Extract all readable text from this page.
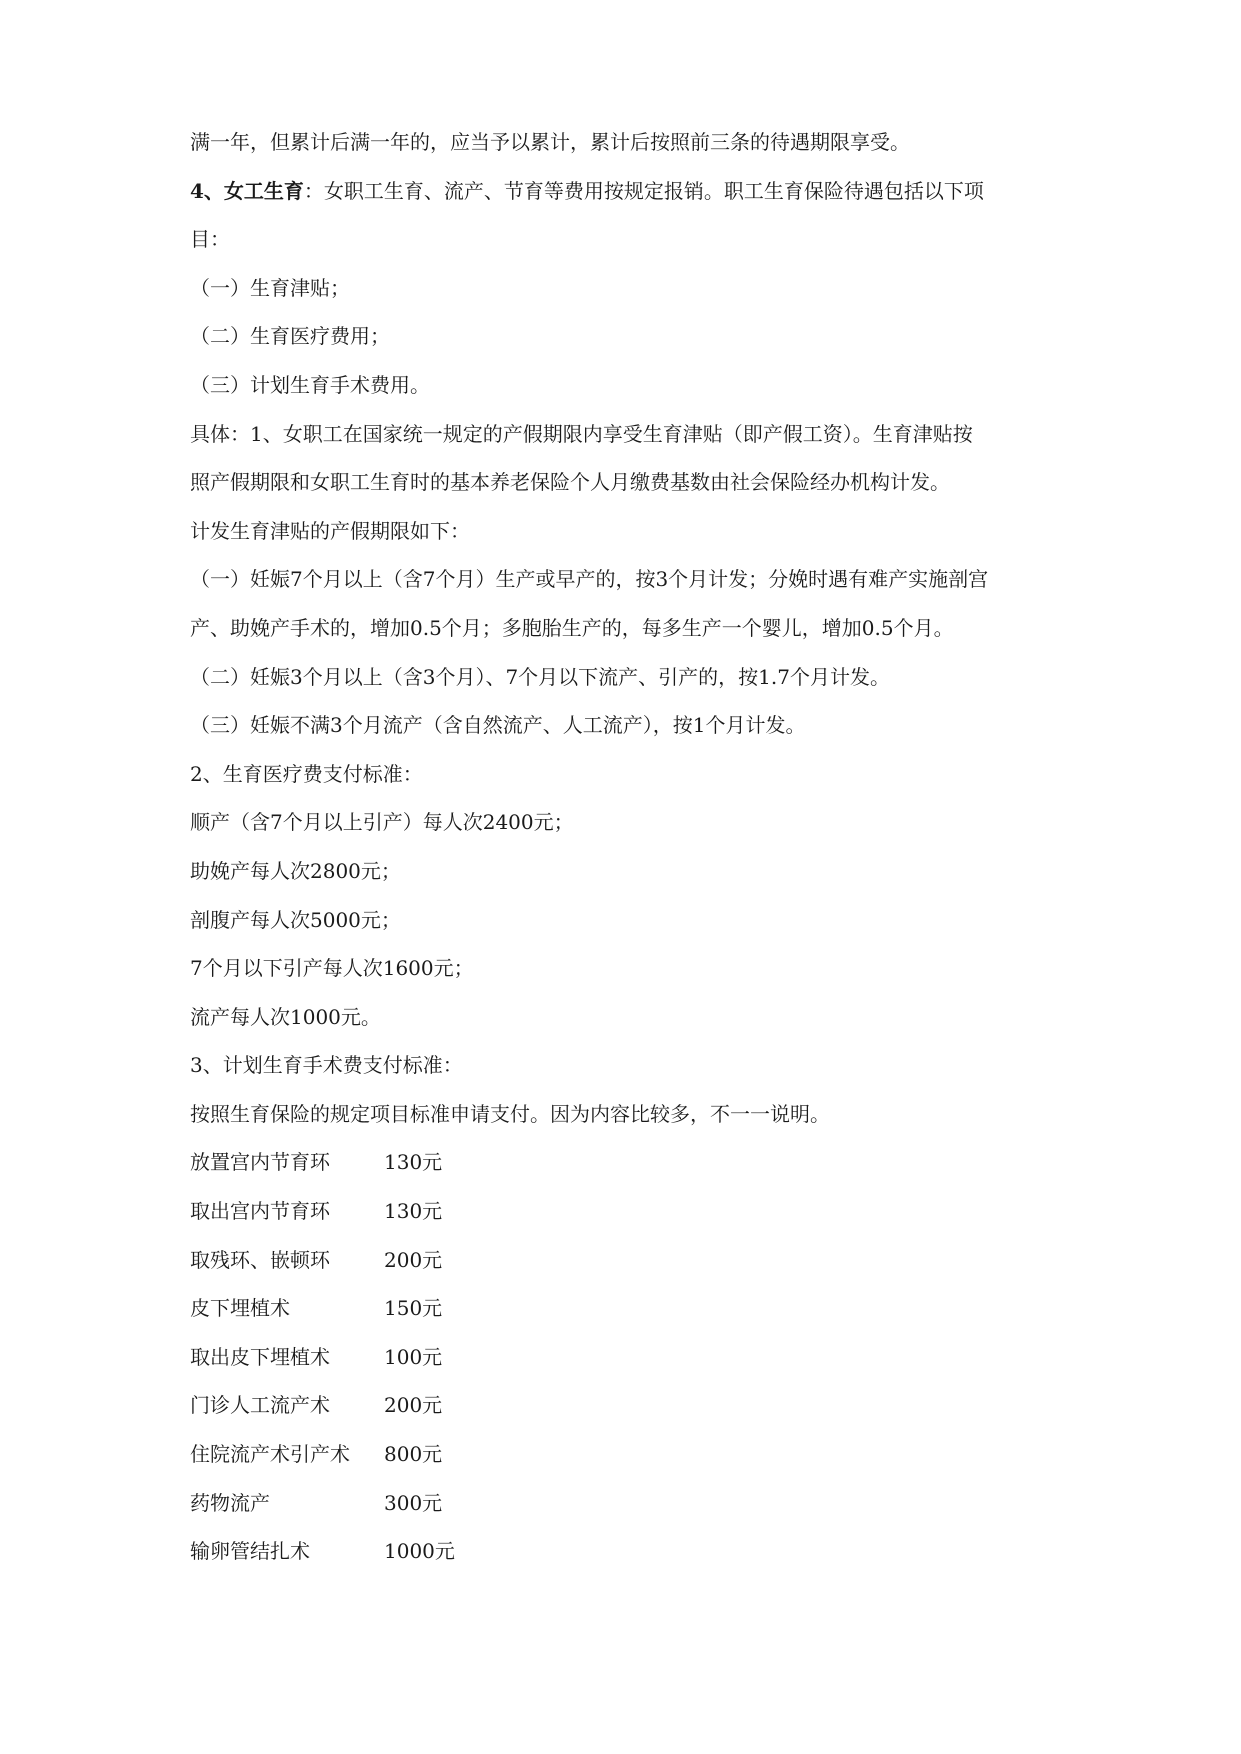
满一年，但累计后满一年的，应当予以累计，累计后按照前三条的待遇期限享受。
4、女工生育：女职工生育、流产、节育等费用按规定报销。职工生育保险待遇包括以下项
目：
（一）生育津贴；
（二）生育医疗费用；
（三）计划生育手术费用。
具体：1、女职工在国家统一规定的产假期限内享受生育津贴（即产假工资）。生育津贴按
照产假期限和女职工生育时的基本养老保险个人月缴费基数由社会保险经办机构计发。
计发生育津贴的产假期限如下：
（一）妊娠7个月以上（含7个月）生产或早产的，按3个月计发；分娩时遇有难产实施剖宫
产、助娩产手术的，增加0.5个月；多胞胎生产的，每多生产一个婴儿，增加0.5个月。
（二）妊娠3个月以上（含3个月）、7个月以下流产、引产的，按1.7个月计发。
（三）妊娠不满3个月流产（含自然流产、人工流产），按1个月计发。
2、生育医疗费支付标准：
顺产（含7个月以上引产）每人次2400元；
助娩产每人次2800元；
剖腹产每人次5000元；
7个月以下引产每人次1600元；
流产每人次1000元。
3、计划生育手术费支付标准：
按照生育保险的规定项目标准申请支付。因为内容比较多，不一一说明。
放置宫内节育环	130元
取出宫内节育环	130元
取残环、嵌顿环	200元
皮下埋植术	150元
取出皮下埋植术	100元
门诊人工流产术	200元
住院流产术引产术	800元
药物流产	300元
输卵管结扎术	1000元
